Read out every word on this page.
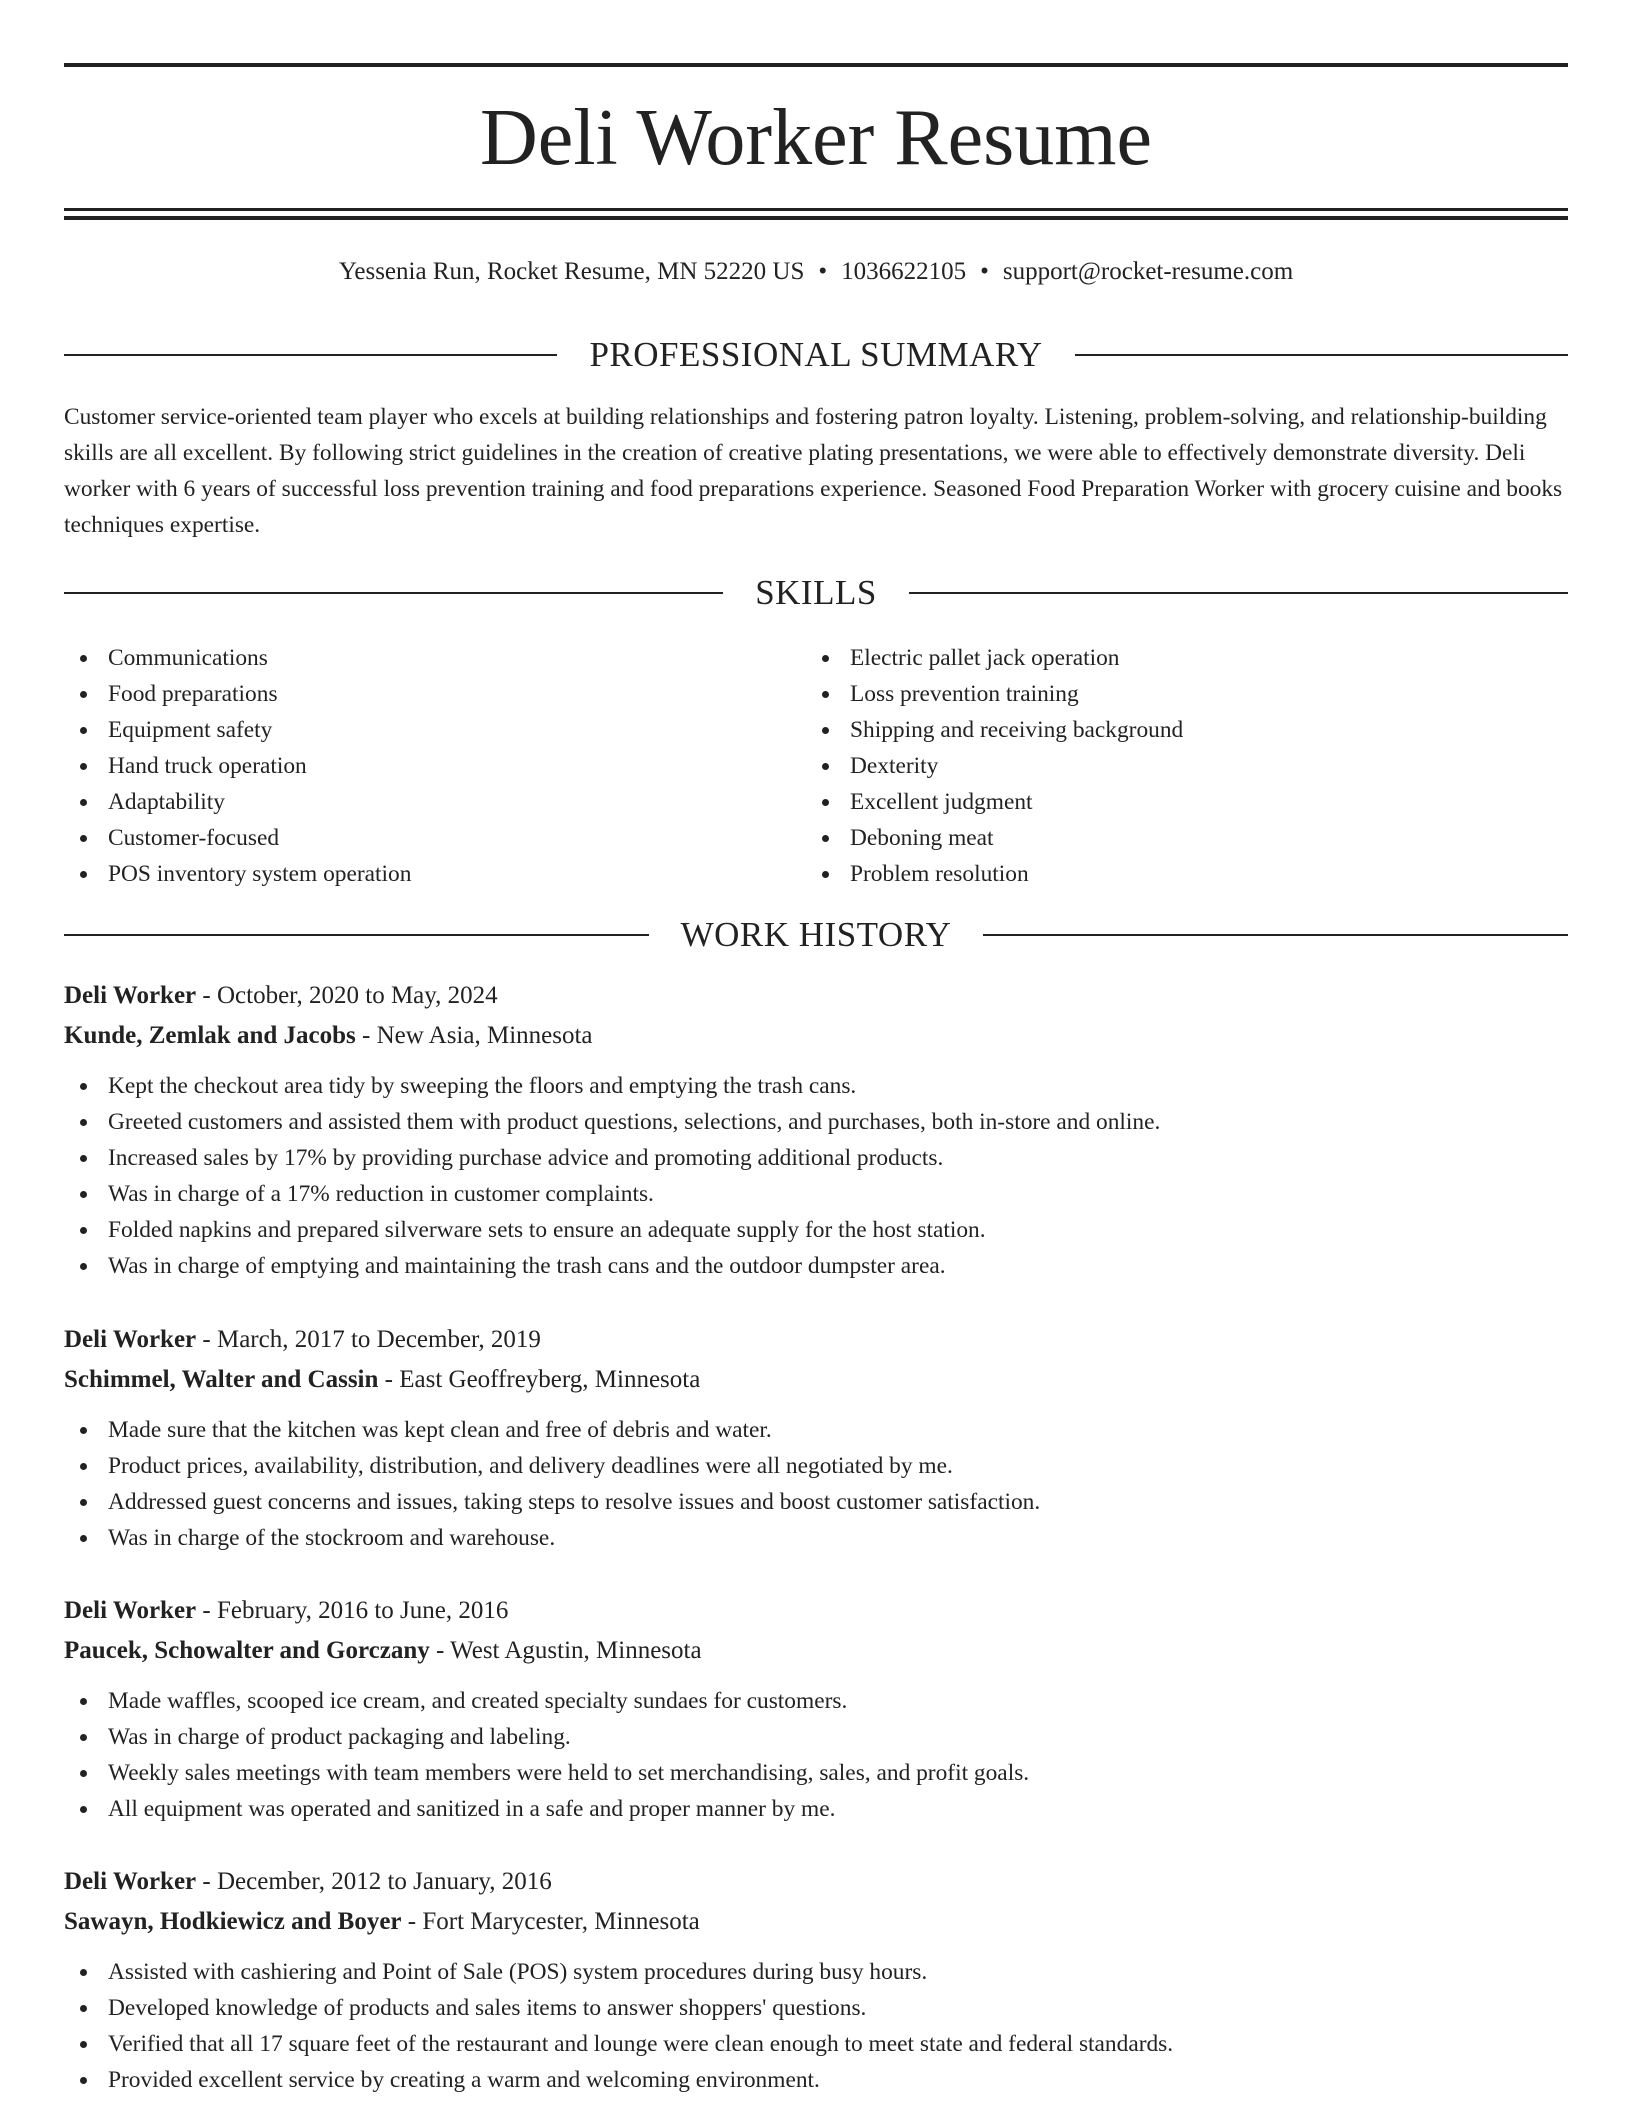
Deli Worker Resume
Yessenia Run, Rocket Resume, MN 52220 US • 1036622105 • support@rocket-resume.com
PROFESSIONAL SUMMARY

Customer service-oriented team player who excels at building relationships and fostering patron loyalty. Listening, problem-solving, and relationship-building skills are all excellent. By following strict guidelines in the creation of creative plating presentations, we were able to effectively demonstrate diversity. Deli worker with 6 years of successful loss prevention training and food preparations experience. Seasoned Food Preparation Worker with grocery cuisine and books techniques expertise.

SKILLS
Communications
Food preparations
Equipment safety
Hand truck operation
Adaptability
Customer-focused
POS inventory system operation
Electric pallet jack operation
Loss prevention training
Shipping and receiving background
Dexterity
Excellent judgment
Deboning meat
Problem resolution
WORK HISTORY
Deli Worker - October, 2020 to May, 2024
Kunde, Zemlak and Jacobs - New Asia, Minnesota
Kept the checkout area tidy by sweeping the floors and emptying the trash cans.
Greeted customers and assisted them with product questions, selections, and purchases, both in-store and online.
Increased sales by 17% by providing purchase advice and promoting additional products.
Was in charge of a 17% reduction in customer complaints.
Folded napkins and prepared silverware sets to ensure an adequate supply for the host station.
Was in charge of emptying and maintaining the trash cans and the outdoor dumpster area.
Deli Worker - March, 2017 to December, 2019
Schimmel, Walter and Cassin - East Geoffreyberg, Minnesota
Made sure that the kitchen was kept clean and free of debris and water.
Product prices, availability, distribution, and delivery deadlines were all negotiated by me.
Addressed guest concerns and issues, taking steps to resolve issues and boost customer satisfaction.
Was in charge of the stockroom and warehouse.
Deli Worker - February, 2016 to June, 2016
Paucek, Schowalter and Gorczany - West Agustin, Minnesota
Made waffles, scooped ice cream, and created specialty sundaes for customers.
Was in charge of product packaging and labeling.
Weekly sales meetings with team members were held to set merchandising, sales, and profit goals.
All equipment was operated and sanitized in a safe and proper manner by me.
Deli Worker - December, 2012 to January, 2016
Sawayn, Hodkiewicz and Boyer - Fort Marycester, Minnesota
Assisted with cashiering and Point of Sale (POS) system procedures during busy hours.
Developed knowledge of products and sales items to answer shoppers' questions.
Verified that all 17 square feet of the restaurant and lounge were clean enough to meet state and federal standards.
Provided excellent service by creating a warm and welcoming environment.
